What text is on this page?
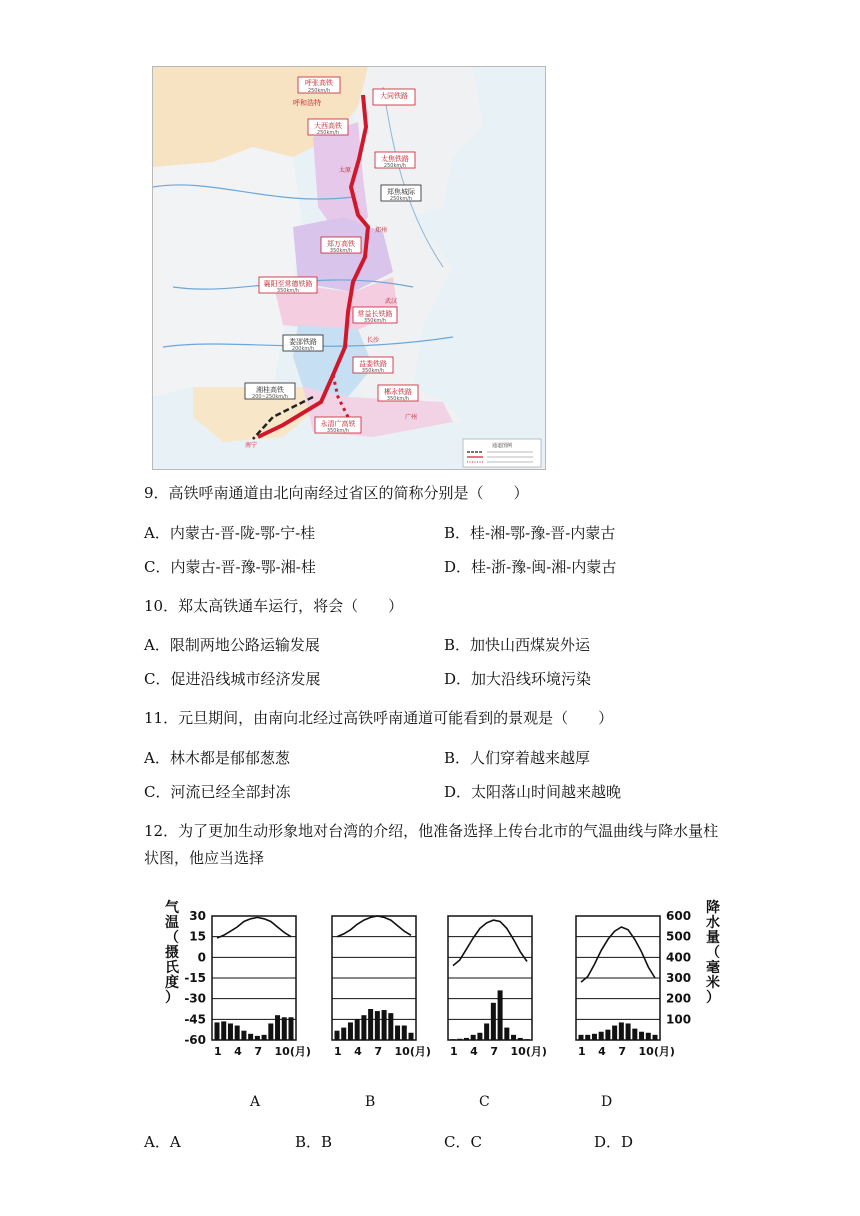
呼张高铁
250km/h
呼和浩特
大同铁路
大西高铁
250km/h
太焦铁路
250km/h
太原
郑焦城际
250km/h
郑万高铁
350km/h
郑州
襄阳至常德铁路
350km/h
武汉
常益长铁路
350km/h
娄邵铁路
200km/h
长沙
益娄铁路
350km/h
湘桂高铁
200~250km/h
郴永铁路
350km/h
南宁
永清广高铁
350km/h
广州
通道图例
9．高铁呼南通道由北向南经过省区的简称分别是（　　）
A．内蒙古-晋-陇-鄂-宁-桂	B．桂-湘-鄂-豫-晋-内蒙古
C．内蒙古-晋-豫-鄂-湘-桂	D．桂-浙-豫-闽-湘-内蒙古
10．郑太高铁通车运行，将会（　　）
A．限制两地公路运输发展	B．加快山西煤炭外运
C．促进沿线城市经济发展	D．加大沿线环境污染
11．元旦期间，由南向北经过高铁呼南通道可能看到的景观是（　　）
A．林木都是郁郁葱葱	B．人们穿着越来越厚
C．河流已经全部封冻	D．太阳落山时间越来越晚
12．为了更加生动形象地对台湾的介绍，他准备选择上传台北市的气温曲线与降水量柱
状图，他应当选择
气
温
（
摄
氏
度
）
30
15
0
-15
-30
-45
-60
600
500
400
300
200
100
降
水
量
（
毫
米
）
1 4 7 10(月) 1 4 7 10(月) 1 4 7 10(月)	1 4 7 10(月)
A	B	C	D
A．A	B．B	C．C	D．D
